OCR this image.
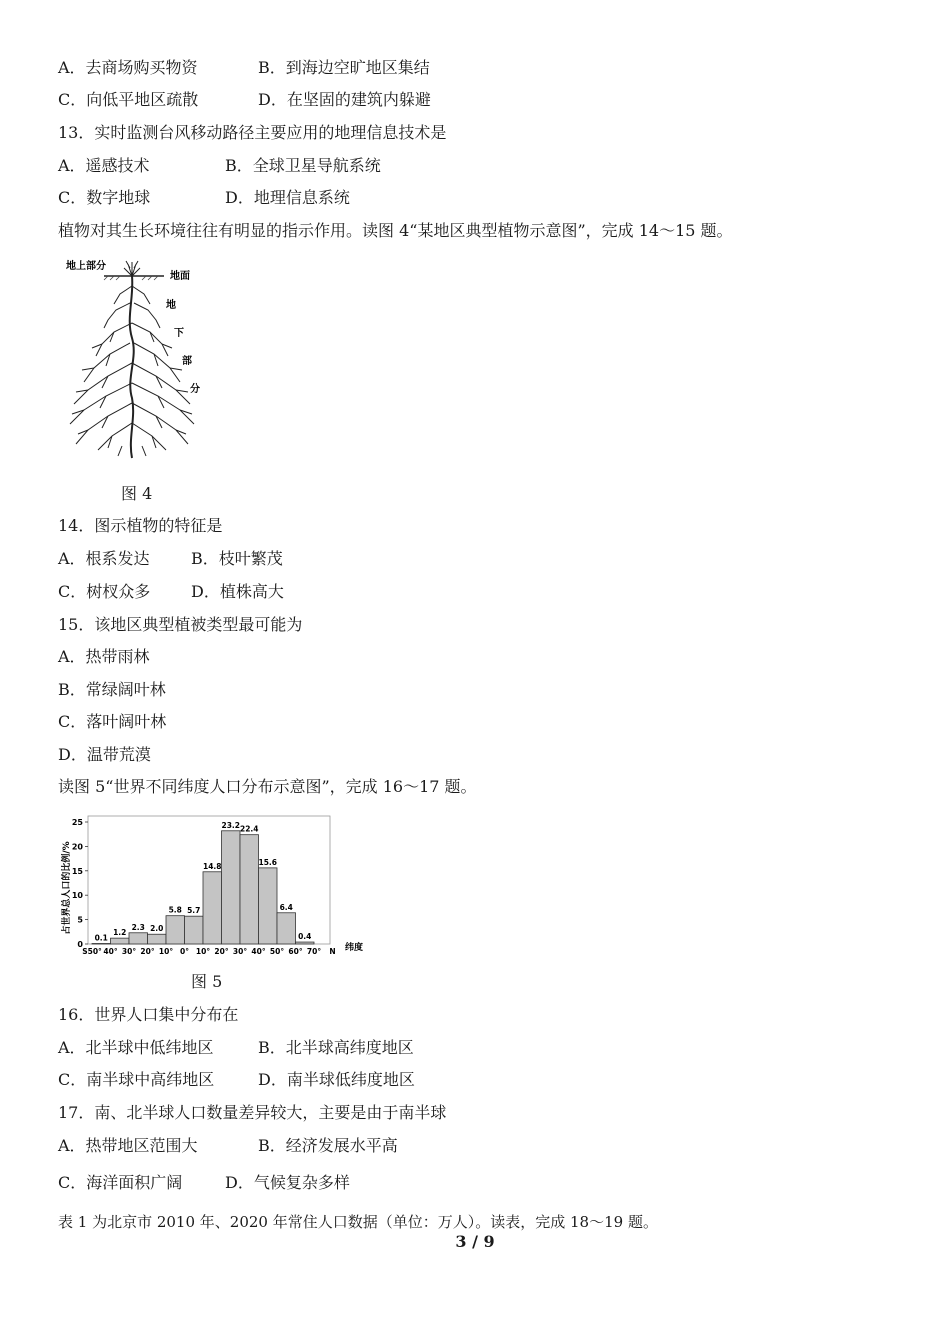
A．去商场购买物资	B．到海边空旷地区集结
C．向低平地区疏散	D．在坚固的建筑内躲避
13．实时监测台风移动路径主要应用的地理信息技术是
A．遥感技术	B．全球卫星导航系统
C．数字地球	D．地理信息系统
植物对其生长环境往往有明显的指示作用。读图 4“某地区典型植物示意图”，完成 14～15 题。
地上部分
地面
地
下
部
分
图 4
14．图示植物的特征是
A．根系发达	B．枝叶繁茂
C．树杈众多	D．植株高大
15．该地区典型植被类型最可能为
A．热带雨林
B．常绿阔叶林
C．落叶阔叶林
D．温带荒漠
读图 5“世界不同纬度人口分布示意图”，完成 16～17 题。
占世界总人口的比例/%
0
5
10
15
20
25
0.1
1.2
2.3 2.0
5.8 5.7
14.8
23.2 22.4
15.6
6.4
0.4
S50° 40° 30° 20° 10° 0° 10° 20° 30° 40° 50° 60° 70° N 纬度
图 5
16．世界人口集中分布在
A．北半球中低纬地区	B．北半球高纬度地区
C．南半球中高纬地区	D．南半球低纬度地区
17．南、北半球人口数量差异较大，主要是由于南半球
A．热带地区范围大	B．经济发展水平高
C．海洋面积广阔	D．气候复杂多样
表 1 为北京市 2010 年、2020 年常住人口数据（单位：万人）。读表，完成 18～19 题。
3 / 9
